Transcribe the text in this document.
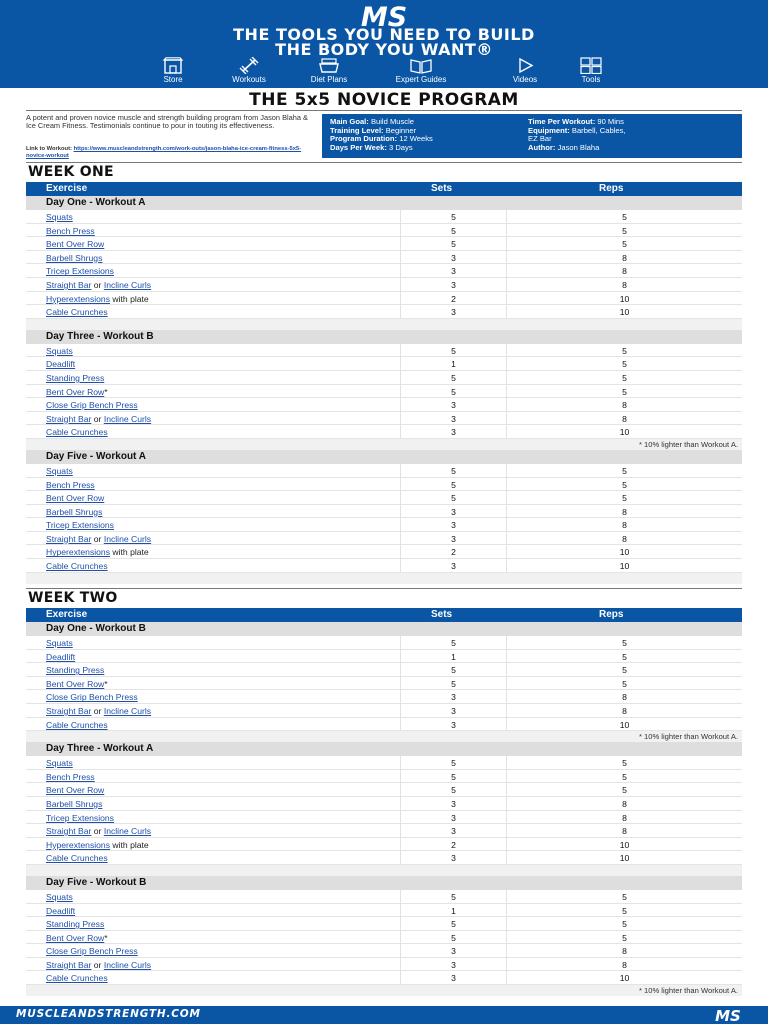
MS
THE TOOLS YOU NEED TO BUILD
THE BODY YOU WANT®
Store	Workouts	Diet Plans	Expert Guides	Videos	Tools
THE 5x5 NOVICE PROGRAM
A potent and proven novice muscle and strength building program from Jason Blaha & Ice Cream Fitness. Testimonials continue to pour in touting its effectiveness.
Link to Workout: https://www.muscleandstrength.com/work-outs/jason-blaha-ice-cream-fitness-5x5-novice-workout
Main Goal: Build Muscle
Training Level: Beginner
Program Duration: 12 Weeks
Days Per Week: 3 Days
Time Per Workout: 90 Mins
Equipment: Barbell, Cables,
EZ Bar
Author: Jason Blaha
WEEK ONE
Exercise	Sets	Reps
Day One - Workout A
Squats	5	5
Bench Press	5	5
Bent Over Row	5	5
Barbell Shrugs	3	8
Tricep Extensions	3	8
Straight Bar or Incline Curls	3	8
Hyperextensions with plate	2	10
Cable Crunches	3	10
Day Three - Workout B
Squats	5	5
Deadlift	1	5
Standing Press	5	5
Bent Over Row*	5	5
Close Grip Bench Press	3	8
Straight Bar or Incline Curls	3	8
Cable Crunches	3	10
* 10% lighter than Workout A.
Day Five - Workout A
Squats	5	5
Bench Press	5	5
Bent Over Row	5	5
Barbell Shrugs	3	8
Tricep Extensions	3	8
Straight Bar or Incline Curls	3	8
Hyperextensions with plate	2	10
Cable Crunches	3	10
WEEK TWO
Exercise	Sets	Reps
Day One - Workout B
Squats	5	5
Deadlift	1	5
Standing Press	5	5
Bent Over Row*	5	5
Close Grip Bench Press	3	8
Straight Bar or Incline Curls	3	8
Cable Crunches	3	10
* 10% lighter than Workout A.
Day Three - Workout A
Squats	5	5
Bench Press	5	5
Bent Over Row	5	5
Barbell Shrugs	3	8
Tricep Extensions	3	8
Straight Bar or Incline Curls	3	8
Hyperextensions with plate	2	10
Cable Crunches	3	10
Day Five - Workout B
Squats	5	5
Deadlift	1	5
Standing Press	5	5
Bent Over Row*	5	5
Close Grip Bench Press	3	8
Straight Bar or Incline Curls	3	8
Cable Crunches	3	10
* 10% lighter than Workout A.
MUSCLEANDSTRENGTH.COM	MS
